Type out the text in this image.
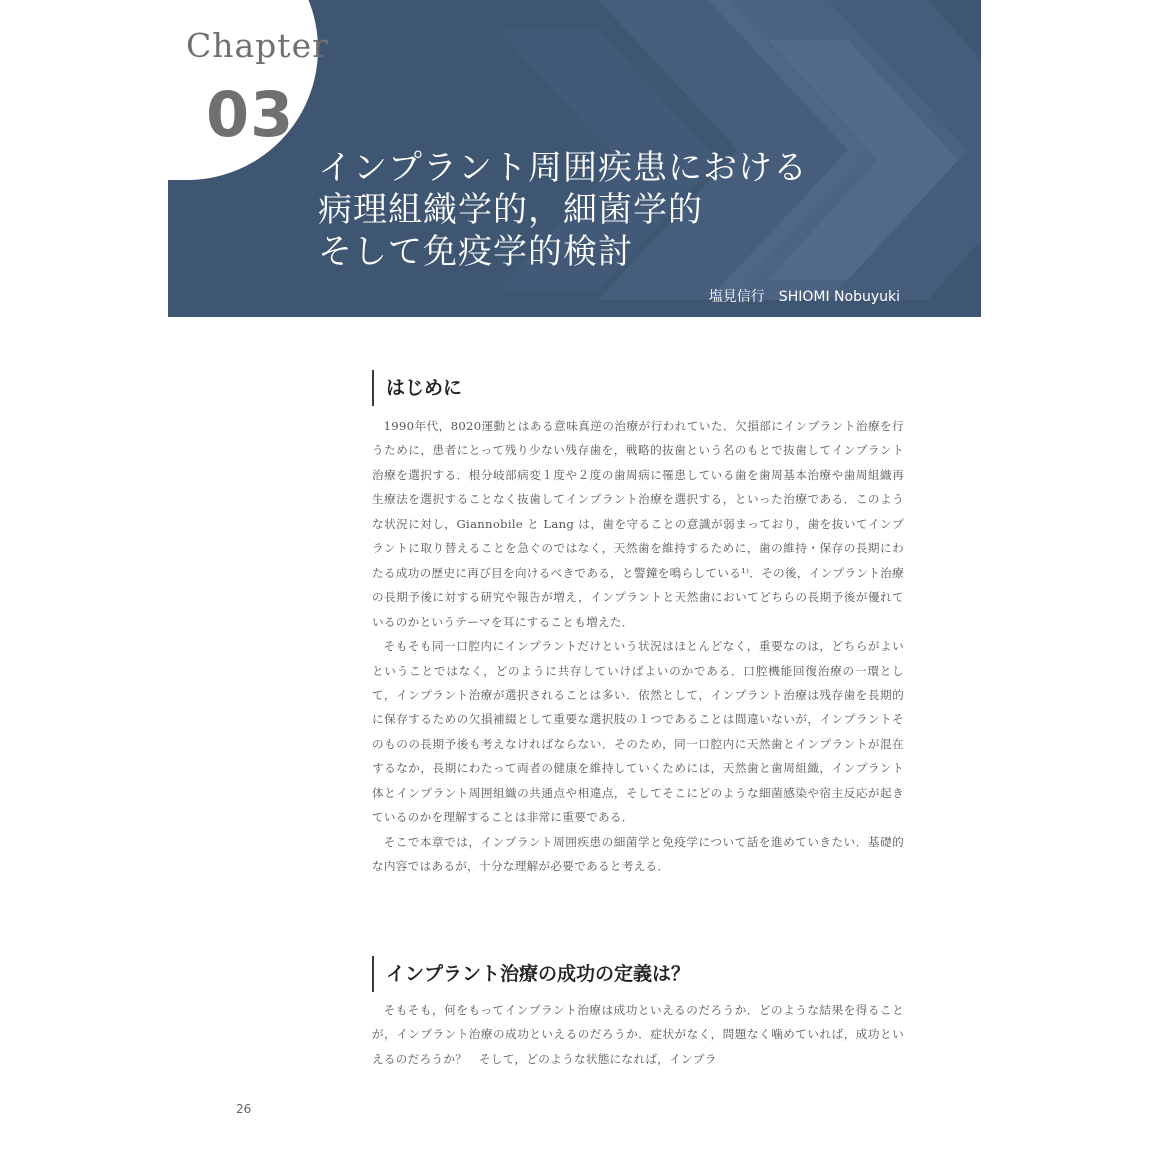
Chapter
03
インプラント周囲疾患における
病理組織学的，細菌学的
そして免疫学的検討
塩見信行　SHIOMI Nobuyuki
はじめに

1990年代，8020運動とはある意味真逆の治療が行われていた．欠損部にインプラント治療を行うために，患者にとって残り少ない残存歯を，戦略的抜歯という名のもとで抜歯してインプラント治療を選択する．根分岐部病変１度や２度の歯周病に罹患している歯を歯周基本治療や歯周組織再生療法を選択することなく抜歯してインプラント治療を選択する，といった治療である．このような状況に対し，Giannobile と Lang は，歯を守ることの意識が弱まっており，歯を抜いてインプラントに取り替えることを急ぐのではなく，天然歯を維持するために，歯の維持・保存の長期にわたる成功の歴史に再び目を向けるべきである，と警鐘を鳴らしている¹⁾．その後，インプラント治療の長期予後に対する研究や報告が増え，インプラントと天然歯においてどちらの長期予後が優れているのかというテーマを耳にすることも増えた．

そもそも同一口腔内にインプラントだけという状況はほとんどなく，重要なのは，どちらがよいということではなく，どのように共存していけばよいのかである．口腔機能回復治療の一環として，インプラント治療が選択されることは多い．依然として，インプラント治療は残存歯を長期的に保存するための欠損補綴として重要な選択肢の１つであることは間違いないが，インプラントそのものの長期予後も考えなければならない．そのため，同一口腔内に天然歯とインプラントが混在するなか，長期にわたって両者の健康を維持していくためには，天然歯と歯周組織，インプラント体とインプラント周囲組織の共通点や相違点，そしてそこにどのような細菌感染や宿主反応が起きているのかを理解することは非常に重要である．

そこで本章では，インプラント周囲疾患の細菌学と免疫学について話を進めていきたい．基礎的な内容ではあるが，十分な理解が必要であると考える．

インプラント治療の成功の定義は？

そもそも，何をもってインプラント治療は成功といえるのだろうか．どのような結果を得ることが，インプラント治療の成功といえるのだろうか．症状がなく，問題なく噛めていれば，成功といえるのだろうか？　そして，どのような状態になれば，インプラ

26
